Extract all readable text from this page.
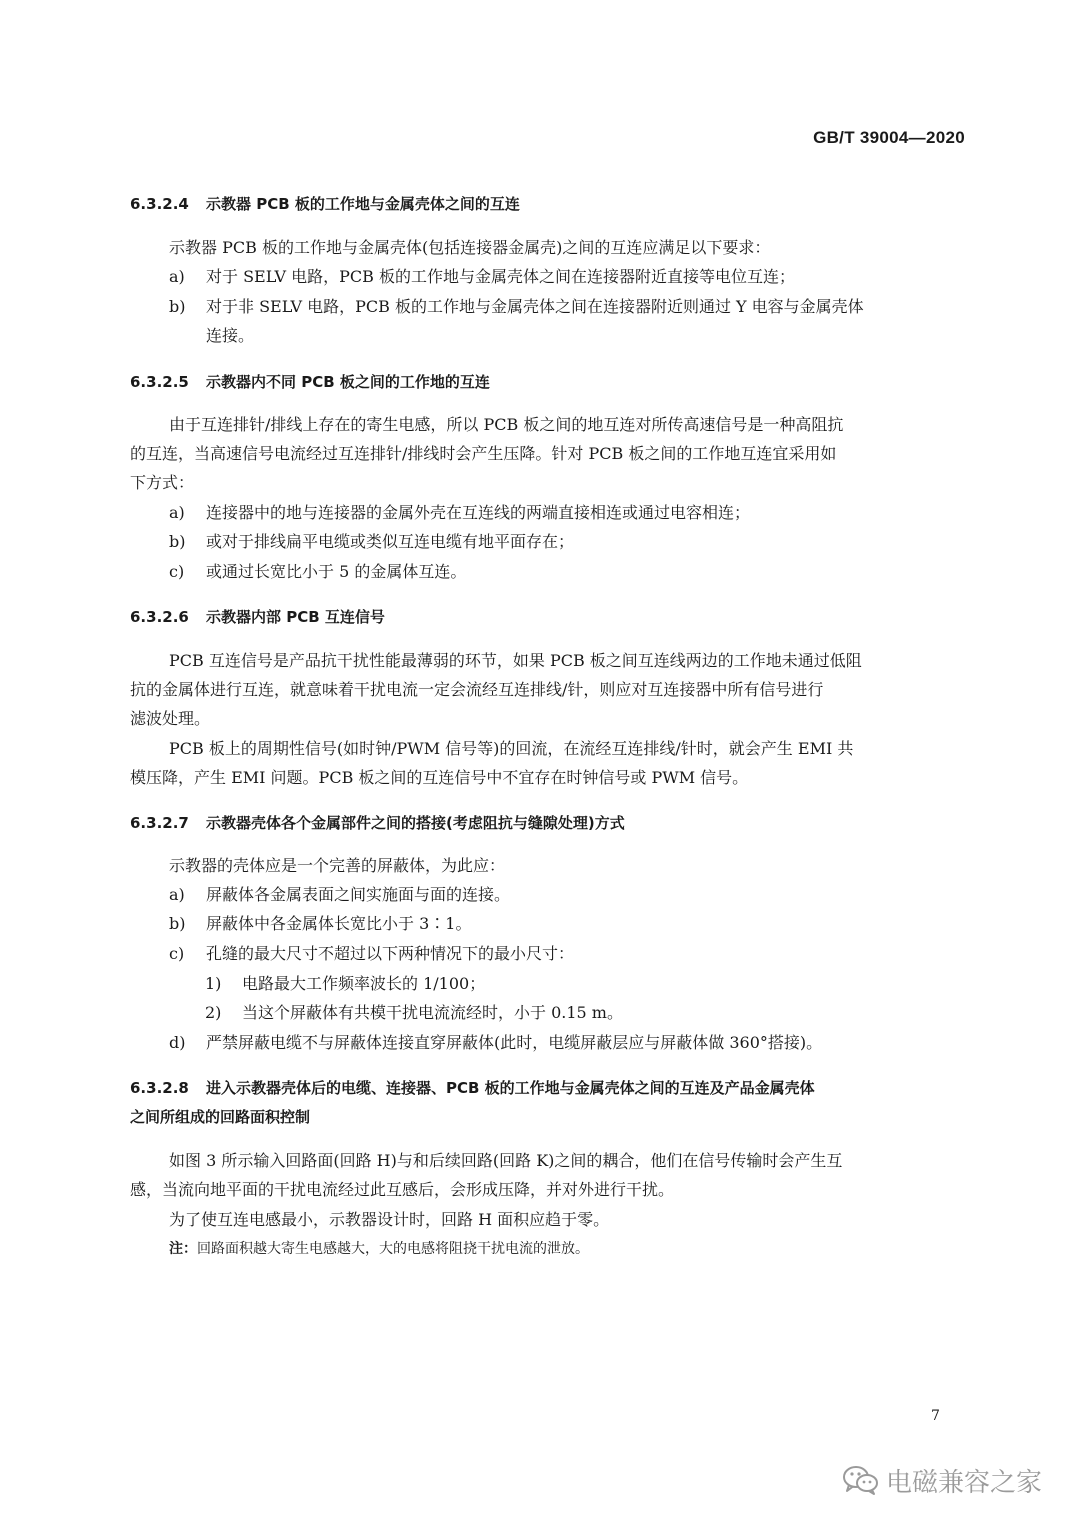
GB/T 39004—2020
6.3.2.4 示教器 PCB 板的工作地与金属壳体之间的互连
示教器 PCB 板的工作地与金属壳体(包括连接器金属壳)之间的互连应满足以下要求：
a) 对于 SELV 电路，PCB 板的工作地与金属壳体之间在连接器附近直接等电位互连；
b) 对于非 SELV 电路，PCB 板的工作地与金属壳体之间在连接器附近则通过 Y 电容与金属壳体
连接。
6.3.2.5 示教器内不同 PCB 板之间的工作地的互连
由于互连排针/排线上存在的寄生电感，所以 PCB 板之间的地互连对所传高速信号是一种高阻抗
的互连，当高速信号电流经过互连排针/排线时会产生压降。针对 PCB 板之间的工作地互连宜采用如
下方式：
a) 连接器中的地与连接器的金属外壳在互连线的两端直接相连或通过电容相连；
b) 或对于排线扁平电缆或类似互连电缆有地平面存在；
c) 或通过长宽比小于 5 的金属体互连。
6.3.2.6 示教器内部 PCB 互连信号
PCB 互连信号是产品抗干扰性能最薄弱的环节，如果 PCB 板之间互连线两边的工作地未通过低阻
抗的金属体进行互连，就意味着干扰电流一定会流经互连排线/针，则应对互连接器中所有信号进行
滤波处理。
PCB 板上的周期性信号(如时钟/PWM 信号等)的回流，在流经互连排线/针时，就会产生 EMI 共
模压降，产生 EMI 问题。PCB 板之间的互连信号中不宜存在时钟信号或 PWM 信号。
6.3.2.7 示教器壳体各个金属部件之间的搭接(考虑阻抗与缝隙处理)方式
示教器的壳体应是一个完善的屏蔽体，为此应：
a) 屏蔽体各金属表面之间实施面与面的连接。
b) 屏蔽体中各金属体长宽比小于 3∶1。
c) 孔缝的最大尺寸不超过以下两种情况下的最小尺寸：
1) 电路最大工作频率波长的 1/100；
2) 当这个屏蔽体有共模干扰电流流经时，小于 0.15 m。
d) 严禁屏蔽电缆不与屏蔽体连接直穿屏蔽体(此时，电缆屏蔽层应与屏蔽体做 360°搭接)。
6.3.2.8 进入示教器壳体后的电缆、连接器、PCB 板的工作地与金属壳体之间的互连及产品金属壳体
之间所组成的回路面积控制
如图 3 所示输入回路面(回路 H)与和后续回路(回路 K)之间的耦合，他们在信号传输时会产生互
感，当流向地平面的干扰电流经过此互感后，会形成压降，并对外进行干扰。
为了使互连电感最小，示教器设计时，回路 H 面积应趋于零。
注：回路面积越大寄生电感越大，大的电感将阻挠干扰电流的泄放。
7
电磁兼容之家
